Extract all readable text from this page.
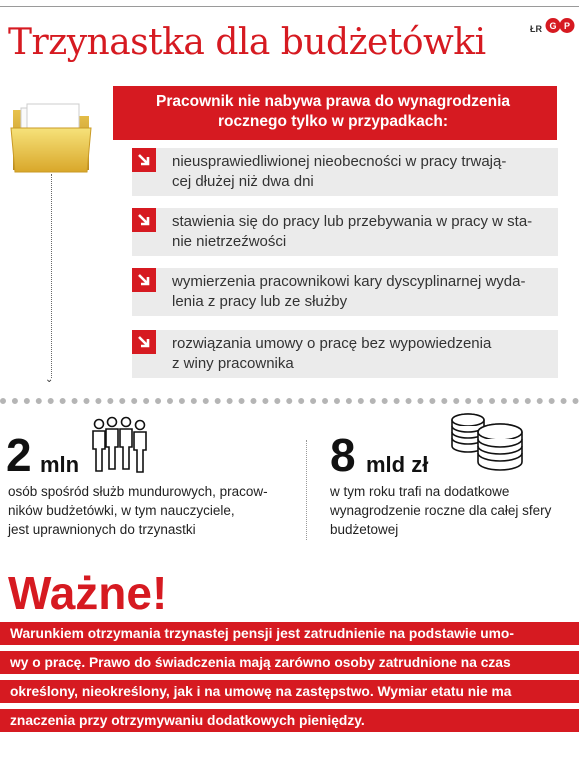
Trzynastka dla budżetówki	ŁR G P
⌄
Pracownik nie nabywa prawa do wynagrodzenia
rocznego tylko w przypadkach:
nieusprawiedliwionej nieobecności w pracy trwają-
cej dłużej niż dwa dni
stawienia się do pracy lub przebywania w pracy w sta-
nie nietrzeźwości
wymierzenia pracownikowi kary dyscyplinarnej wyda-
lenia z pracy lub ze służby
rozwiązania umowy o pracę bez wypowiedzenia
z winy pracownika
2 mln
osób spośród służb mundurowych, pracow-
ników budżetówki, w tym nauczyciele,
jest uprawnionych do trzynastki
8 mld zł
w tym roku trafi na dodatkowe
wynagrodzenie roczne dla całej sfery
budżetowej
Ważne!
Warunkiem otrzymania trzynastej pensji jest zatrudnienie na podstawie umo-
wy o pracę. Prawo do świadczenia mają zarówno osoby zatrudnione na czas
określony, nieokreślony, jak i na umowę na zastępstwo. Wymiar etatu nie ma
znaczenia przy otrzymywaniu dodatkowych pieniędzy.
